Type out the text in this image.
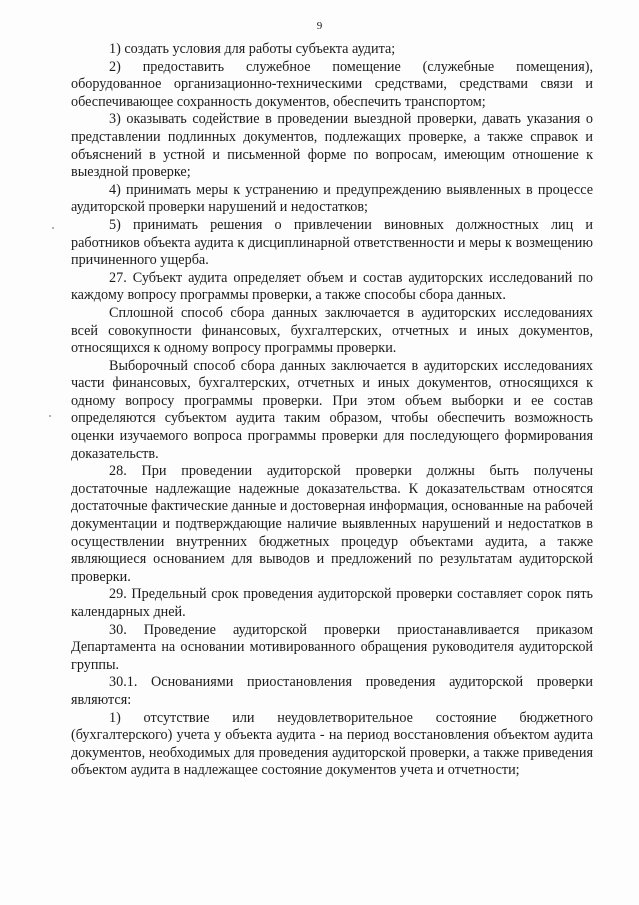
9

1) создать условия для работы субъекта аудита;

2) предоставить служебное помещение (служебные помещения), оборудованное организационно-техническими средствами, средствами связи и обеспечивающее сохранность документов, обеспечить транспортом;

3) оказывать содействие в проведении выездной проверки, давать указания о представлении подлинных документов, подлежащих проверке, а также справок и объяснений в устной и письменной форме по вопросам, имеющим отношение к выездной проверке;

4) принимать меры к устранению и предупреждению выявленных в процессе аудиторской проверки нарушений и недостатков;

5) принимать решения о привлечении виновных должностных лиц и работников объекта аудита к дисциплинарной ответственности и меры к возмещению причиненного ущерба.

27. Субъект аудита определяет объем и состав аудиторских исследований по каждому вопросу программы проверки, а также способы сбора данных.

Сплошной способ сбора данных заключается в аудиторских исследованиях всей совокупности финансовых, бухгалтерских, отчетных и иных документов, относящихся к одному вопросу программы проверки.

Выборочный способ сбора данных заключается в аудиторских исследованиях части финансовых, бухгалтерских, отчетных и иных документов, относящихся к одному вопросу программы проверки. При этом объем выборки и ее состав определяются субъектом аудита таким образом, чтобы обеспечить возможность оценки изучаемого вопроса программы проверки для последующего формирования доказательств.

28. При проведении аудиторской проверки должны быть получены достаточные надлежащие надежные доказательства. К доказательствам относятся достаточные фактические данные и достоверная информация, основанные на рабочей документации и подтверждающие наличие выявленных нарушений и недостатков в осуществлении внутренних бюджетных процедур объектами аудита, а также являющиеся основанием для выводов и предложений по результатам аудиторской проверки.

29. Предельный срок проведения аудиторской проверки составляет сорок пять календарных дней.

30. Проведение аудиторской проверки приостанавливается приказом Департамента на основании мотивированного обращения руководителя аудиторской группы.

30.1. Основаниями приостановления проведения аудиторской проверки являются:

1) отсутствие или неудовлетворительное состояние бюджетного (бухгалтерского) учета у объекта аудита - на период восстановления объектом аудита документов, необходимых для проведения аудиторской проверки, а также приведения объектом аудита в надлежащее состояние документов учета и отчетности;
